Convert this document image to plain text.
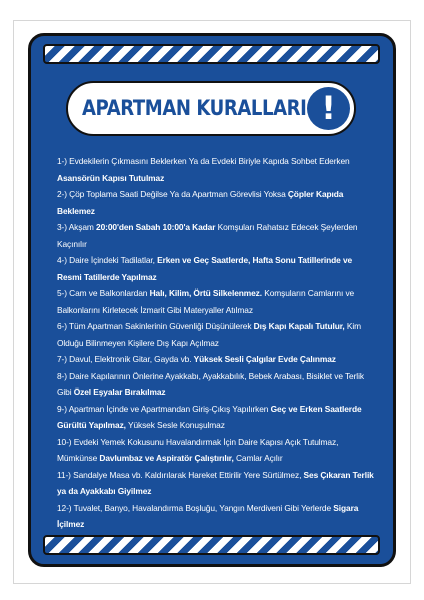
APARTMAN KURALLARI !

1-) Evdekilerin Çıkmasını Beklerken Ya da Evdeki Biriyle Kapıda Sohbet Ederken Asansörün Kapısı Tutulmaz

2-) Çöp Toplama Saati Değilse Ya da Apartman Görevlisi Yoksa Çöpler Kapıda Beklemez

3-) Akşam 20:00'den Sabah 10:00'a Kadar Komşuları Rahatsız Edecek Şeylerden Kaçınılır

4-) Daire İçindeki Tadilatlar, Erken ve Geç Saatlerde, Hafta Sonu Tatillerinde ve Resmi Tatillerde Yapılmaz

5-) Cam ve Balkonlardan Halı, Kilim, Örtü Silkelenmez. Komşuların Camlarını ve Balkonlarını Kirletecek İzmarit Gibi Materyaller Atılmaz

6-) Tüm Apartman Sakinlerinin Güvenliği Düşünülerek Dış Kapı Kapalı Tutulur, Kim Olduğu Bilinmeyen Kişilere Dış Kapı Açılmaz

7-) Davul, Elektronik Gitar, Gayda vb. Yüksek Sesli Çalgılar Evde Çalınmaz

8-) Daire Kapılarının Önlerine Ayakkabı, Ayakkabılık, Bebek Arabası, Bisiklet ve Terlik Gibi Özel Eşyalar Bırakılmaz

9-) Apartman İçinde ve Apartmandan Giriş-Çıkış Yapılırken Geç ve Erken Saatlerde Gürültü Yapılmaz, Yüksek Sesle Konuşulmaz

10-) Evdeki Yemek Kokusunu Havalandırmak İçin Daire Kapısı Açık Tutulmaz, Mümkünse Davlumbaz ve Aspiratör Çalıştırılır, Camlar Açılır

11-) Sandalye Masa vb. Kaldırılarak Hareket Ettirilir Yere Sürtülmez, Ses Çıkaran Terlik ya da Ayakkabı Giyilmez

12-) Tuvalet, Banyo, Havalandırma Boşluğu, Yangın Merdiveni Gibi Yerlerde Sigara İçilmez
